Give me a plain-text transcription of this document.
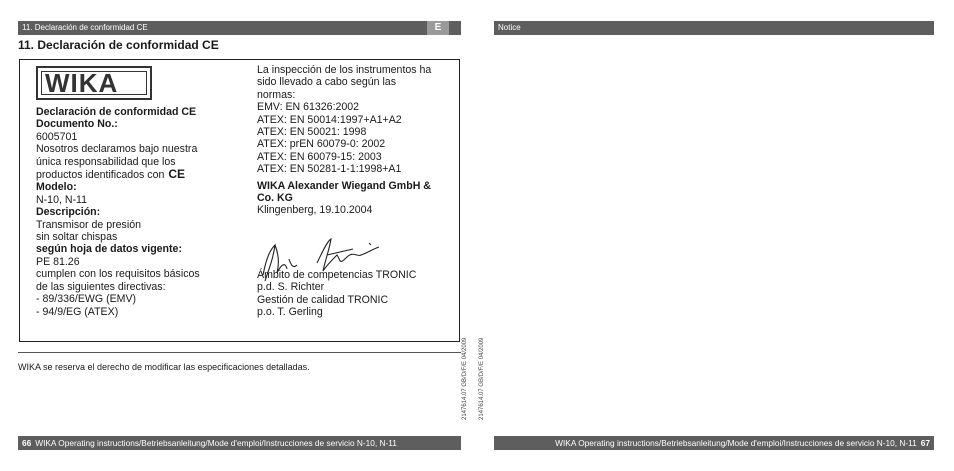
11. Declaración de conformidad CE	E	Notice
11. Declaración de conformidad CE
WIKA
Declaración de conformidad CE
Documento No.:
6005701
Nosotros declaramos bajo nuestra
única responsabilidad que los
productos identificados con CE
Modelo:
N-10, N-11
Descripción:
Transmisor de presión
sin soltar chispas
según hoja de datos vigente:
PE 81.26
cumplen con los requisitos básicos
de las siguientes directivas:
- 89/336/EWG (EMV)
- 94/9/EG (ATEX)
La inspección de los instrumentos ha
sido llevado a cabo según las
normas:
EMV: EN 61326:2002
ATEX: EN 50014:1997+A1+A2
ATEX: EN 50021: 1998
ATEX: prEN 60079-0: 2002
ATEX: EN 60079-15: 2003
ATEX: EN 50281-1-1:1998+A1
WIKA Alexander Wiegand GmbH &
Co. KG
Klingenberg, 19.10.2004
Ámbito de competencias TRONIC
p.d. S. Richter
Gestión de calidad TRONIC
p.o. T. Gerling
WIKA se reserva el derecho de modificar las especificaciones detalladas.	2147614.07 GB/D/F/E 04/2009 2147614.07 GB/D/F/E 04/2009
66 WIKA Operating instructions/Betriebsanleitung/Mode d'emploi/Instrucciones de servicio N-10, N-11	WIKA Operating instructions/Betriebsanleitung/Mode d'emploi/Instrucciones de servicio N-10, N-11 67
